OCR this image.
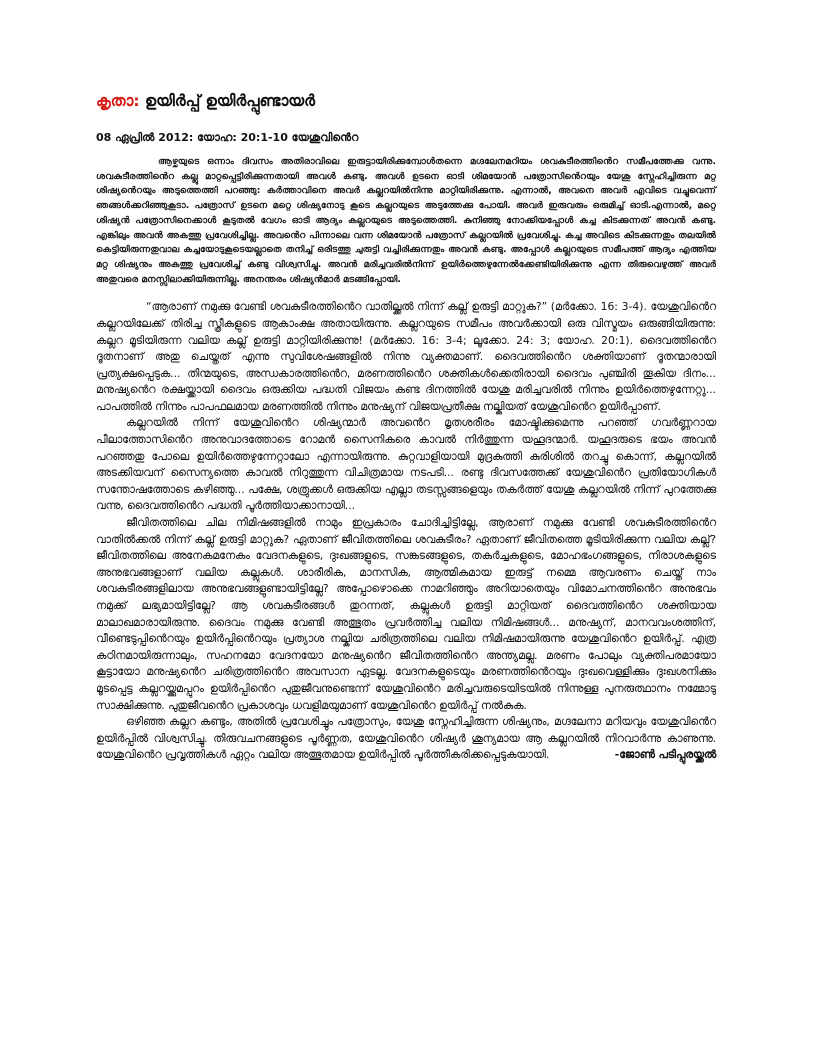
കൃതാ: ഉയിർപ്പ് ഉയിർപ്പുണ്ടായർ
08 ഏപ്രിൽ 2012: യോഹ: 20:1-10 യേശുവിൻെറ

ആഴ്ചയുടെ ഒന്നാം ദിവസം അതിരാവിലെ ഇരുട്ടായിരിക്കുമ്പോൾതന്നെ മഗ്ദലേനമറിയം ശവകുടീരത്തിൻെറ സമീപത്തേക്കു വന്നു. ശവകുടീരത്തിൻെറ കല്ലു മാറ്റപ്പെട്ടിരിക്കുന്നതായി അവൾ കണ്ടു. അവൾ ഉടനെ ഓടി ശിമയോൻ പത്രോസിൻെറയും യേശു സ്നേഹിച്ചിരുന്ന മറ്റ ശിഷ്യൻെറയും അടുത്തെത്തി പറഞ്ഞു: കർത്താവിനെ അവർ കല്ലറയിൽനിന്നു മാറ്റിയിരിക്കുന്നു. എന്നാൽ, അവനെ അവർ എവിടെ വച്ചുവെന്ന് ഞങ്ങൾക്കറിഞ്ഞുകൂടാ. പത്രോസ് ഉടനെ മറ്റെ ശിഷ്യനോടു കൂടെ കല്ലറയുടെ അടുത്തേക്കു പോയി. അവർ ഇരുവരും ഒരുമിച്ച് ഓടി.എന്നാൽ, മറ്റെ ശിഷ്യൻ പത്രോസിനെക്കാൾ കൂടുതൽ വേഗം ഓടി ആദ്യം കല്ലറയുടെ അടുത്തെത്തി. കുനിഞ്ഞു നോക്കിയപ്പോൾ കച്ച കിടക്കുന്നത് അവൻ കണ്ടു. എങ്കിലും അവൻ അകത്തു പ്രവേശിച്ചില്ല. അവൻെറ പിന്നാലെ വന്ന ശിമയോൻ പത്രോസ് കല്ലറയിൽ പ്രവേശിച്ചു. കച്ച അവിടെ കിടക്കുന്നതും തലയിൽ കെട്ടിയിരുന്നതുവാല കച്ചയോടുകൂടെയല്ലാതെ തനിച്ച് ഒരിടത്തു ചുരുട്ടി വച്ചിരിക്കുന്നതും അവൻ കണ്ടു. അപ്പോൾ കല്ലറയുടെ സമീപത്ത് ആദ്യം എത്തിയ മറ്റ ശിഷ്യനും അകത്തു പ്രവേശിച്ച് കണ്ടു വിശ്വസിച്ചു. അവൻ മരിച്ചവരിൽനിന്ന് ഉയിർത്തെഴുന്നേൽക്കേണ്ടിയിരിക്കുന്നു എന്ന തിരുവെഴുത്ത് അവർ അതുവരെ മനസ്സിലാക്കിയിരുന്നില്ല. അനന്തരം ശിഷ്യൻമാർ മടങ്ങിപ്പോയി.

“ആരാണ് നമുക്കു വേണ്ടി ശവകുടീരത്തിൻെറ വാതില്ക്കൽ നിന്ന് കല്ല് ഉരുട്ടി മാറ്റുക?” (മർക്കോ. 16: 3-4). യേശുവിൻെറ കല്ലറയിലേക്ക് തിരിച്ച സ്ത്രീകളുടെ ആകാംക്ഷ അതായിരുന്നു. കല്ലറയുടെ സമീപം അവർക്കായി ഒരു വിസ്മയം ഒരുങ്ങിയിരുന്നു: കല്ലറ മൂടിയിരുന്ന വലിയ കല്ല് ഉരുട്ടി മാറ്റിയിരിക്കുന്നു! (മർക്കോ. 16: 3-4; ലൂക്കോ. 24: 3; യോഹ. 20:1). ദൈവത്തിൻെറ ദൂതനാണ് അതു ചെയ്തത് എന്നു സുവിശേഷങ്ങളിൽ നിന്നു വ്യക്തമാണ്. ദൈവത്തിൻെറ ശക്തിയാണ് ദൂതന്മാരായി പ്രത്യക്ഷപ്പെടുക... തിന്മയുടെ, അന്ധകാരത്തിൻെറ, മരണത്തിൻെറ ശക്തികൾക്കെതിരായി ദൈവം പുഞ്ചിരി തൂകിയ ദിനം... മനുഷ്യൻെറ രക്ഷയ്ക്കായി ദൈവം ഒരുക്കിയ പദ്ധതി വിജയം കണ്ട ദിനത്തിൽ യേശു മരിച്ചവരിൽ നിന്നും ഉയിർത്തെഴുന്നേറ്റു... പാപത്തിൽ നിന്നും പാപഫലമായ മരണത്തിൽ നിന്നും മനുഷ്യന് വിജയപ്രതീക്ഷ നല്കിയത് യേശുവിൻെറ ഉയിർപ്പാണ്.

കല്ലറയിൽ നിന്ന് യേശുവിൻെറ ശിഷ്യന്മാർ അവൻെറ മൃതശരീരം മോഷ്ടിക്കുമെന്നു പറഞ്ഞ് ഗവർണ്ണറായ പീലാത്തോസിൻെറ അനുവാദത്തോടെ റോമൻ സൈനികരെ കാവൽ നിർത്തുന്ന യഹൂദന്മാർ. യഹൂദരുടെ ഭയം അവൻ പറഞ്ഞതു പോലെ ഉയിർത്തെഴുന്നേറ്റാലോ എന്നായിരുന്നു. കുറ്റവാളിയായി മുദ്രകുത്തി കുരിശിൽ തറച്ചു കൊന്ന്, കല്ലറയിൽ അടക്കിയവന് സൈന്യത്തെ കാവൽ നിറുത്തുന്ന വിചിത്രമായ നടപടി... രണ്ടു ദിവസത്തേക്ക് യേശുവിൻെറ പ്രതിയോഗികൾ സന്തോഷത്തോടെ കഴിഞ്ഞു... പക്ഷേ, ശത്രുക്കൾ ഒരുക്കിയ എല്ലാ തടസ്സങ്ങളെയും തകർത്ത് യേശു കല്ലറയിൽ നിന്ന് പുറത്തേക്കു വന്നു, ദൈവത്തിൻെറ പദ്ധതി പൂർത്തിയാക്കാനായി...

ജീവിതത്തിലെ ചില നിമിഷങ്ങളിൽ നാമും ഇപ്രകാരം ചോദിച്ചിട്ടില്ലേ, ആരാണ് നമുക്കു വേണ്ടി ശവകുടീരത്തിൻെറ വാതിൽക്കൽ നിന്ന് കല്ല് ഉരുട്ടി മാറ്റുക? ഏതാണ് ജീവിതത്തിലെ ശവകുടീരം? ഏതാണ് ജീവിതത്തെ മൂടിയിരിക്കുന്ന വലിയ കല്ല്? ജീവിതത്തിലെ അനേകമനേകം വേദനകളുടെ, ദുഃഖങ്ങളുടെ, സങ്കടങ്ങളുടെ, തകർച്ചകളുടെ, മോഹഭംഗങ്ങളുടെ, നിരാശകളുടെ അനുഭവങ്ങളാണ് വലിയ കല്ലുകൾ. ശാരീരിക, മാനസിക, ആത്മികമായ ഇരുട്ട് നമ്മെ ആവരണം ചെയ്ത് നാം ശവകുടീരങ്ങളിലായ അനുഭവങ്ങളുണ്ടായിട്ടില്ലേ? അപ്പോഴൊക്കെ നാമറിഞ്ഞും അറിയാതെയും വിമോചനത്തിൻെറ അനുഭവം നമുക്ക് ലഭ്യമായിട്ടില്ലേ? ആ ശവകുടീരങ്ങൾ തുറന്നത്, കല്ലുകൾ ഉരുട്ടി മാറ്റിയത് ദൈവത്തിൻെറ ശക്തിയായ മാലാഖമാരായിരുന്നു. ദൈവം നമുക്കു വേണ്ടി അത്ഭുതം പ്രവർത്തിച്ച വലിയ നിമിഷങ്ങൾ... മനുഷ്യന്, മാനവവംശത്തിന്, വീണ്ടെടുപ്പിൻെറയും ഉയിർപ്പിൻെറയും പ്രത്യാശ നല്കിയ ചരിത്രത്തിലെ വലിയ നിമിഷമായിരുന്നു യേശുവിൻെറ ഉയിർപ്പ്. എത്ര കഠിനമായിരുന്നാലും, സഹനമോ വേദനയോ മനുഷ്യൻെറ ജീവിതത്തിൻെറ അന്ത്യമല്ല. മരണം പോലും വ്യക്തിപരമായോ കൂട്ടായോ മനുഷ്യൻെറ ചരിത്രത്തിൻെറ അവസാന ഏടല്ല. വേദനകളുടെയും മരണത്തിൻെറയും ദുഃഖവെള്ളിക്കും ദുഃഖശനിക്കും മൂടപ്പെട്ട കല്ലറയ്ക്കുമപ്പുറം ഉയിർപ്പിൻെറ പുതുജീവനുണ്ടെന്ന് യേശുവിൻെറ മരിച്ചവരുടെയിടയിൽ നിന്നുള്ള പുനരുത്ഥാനം നമ്മോടു സാക്ഷിക്കുന്നു. പുതുജീവൻെറ പ്രകാശവും ധവളിമയുമാണ് യേശുവിൻെറ ഉയിർപ്പ് നൽകുക.

ഒഴിഞ്ഞ കല്ലറ കണ്ടും, അതിൽ പ്രവേശിച്ചും പത്രോസും, യേശു സ്നേഹിച്ചിരുന്ന ശിഷ്യനും, മഗ്ദലേനാ മറിയവും യേശുവിൻെറ ഉയിർപ്പിൽ വിശ്വസിച്ചു. തിരുവചനങ്ങളുടെ പൂർണ്ണത, യേശുവിൻെറ ശിഷ്യർ ശൂന്യമായ ആ കല്ലറയിൽ നിറവാർന്നു കാണുന്നു. യേശുവിൻെറ പ്രവൃത്തികൾ ഏറ്റം വലിയ അത്ഭുതമായ ഉയിർപ്പിൽ പൂർത്തീകരിക്കപ്പെടുകയായി.	-ജോൺ പടിപ്പുരയ്ക്കൽ
